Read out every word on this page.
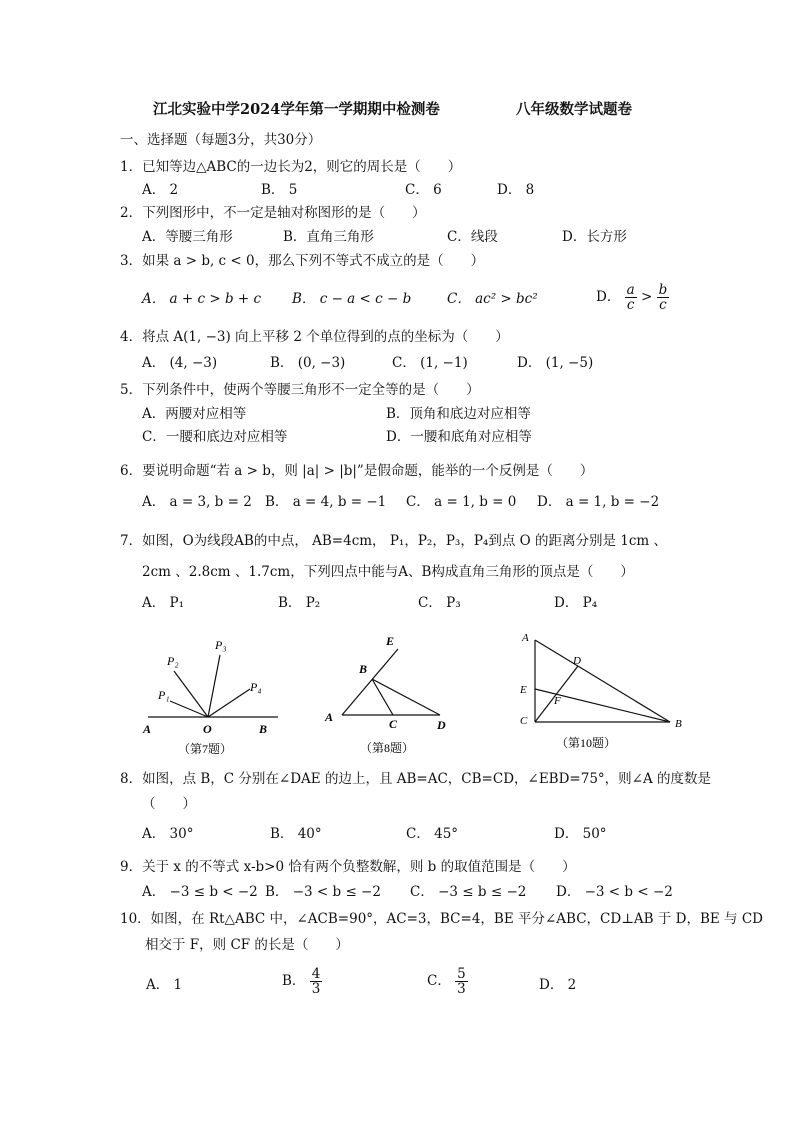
江北实验中学2024学年第一学期期中检测卷	八年级数学试题卷
一、选择题（每题3分，共30分）
1．已知等边△ABC的一边长为2，则它的周长是（　　）
A． 2	B． 5	C． 6	D． 8
2．下列图形中，不一定是轴对称图形的是（　　）
A．等腰三角形	B．直角三角形	C．线段	D．长方形
3．如果 a > b, c < 0，那么下列不等式不成立的是（　　）
A． a + c > b + c B． c − a < c − b	C． ac² > bc²	D． $\frac{a}{c} > \frac{b}{c}$
4．将点 A(1, −3) 向上平移 2 个单位得到的点的坐标为（　　）
A． (4, −3)	B． (0, −3)	C． (1, −1)	D． (1, −5)
5．下列条件中，使两个等腰三角形不一定全等的是（　　）
A．两腰对应相等	B．顶角和底边对应相等
C．一腰和底边对应相等	D．一腰和底角对应相等
6．要说明命题“若 a > b，则 |a| > |b|”是假命题，能举的一个反例是（　　）
A． a = 3, b = 2 B． a = 4, b = −1 C． a = 1, b = 0 D． a = 1, b = −2
7．如图，O为线段AB的中点， AB=4cm， P₁，P₂，P₃，P₄到点 O 的距离分别是 1cm 、
2cm 、2.8cm 、1.7cm，下列四点中能与A、B构成直角三角形的顶点是（　　）
A． P₁	B． P₂	C． P₃	D． P₄
A	O	B
P₁
P₂
P₃
P₄
（第7题）
E
B
A	C	D
（第8题）
A
D
E
F
C	B
（第10题）
8．如图，点 B，C 分别在∠DAE 的边上，且 AB=AC，CB=CD，∠EBD=75°，则∠A 的度数是
（　　）
A． 30°	B． 40°	C． 45°	D． 50°
9．关于 x 的不等式 x-b>0 恰有两个负整数解，则 b 的取值范围是（　　）
A． −3 ≤ b < −2 B． −3 < b ≤ −2 C． −3 ≤ b ≤ −2 D． −3 < b < −2
10．如图，在 Rt△ABC 中，∠ACB=90°，AC=3，BC=4，BE 平分∠ABC，CD⊥AB 于 D，BE 与 CD
相交于 F，则 CF 的长是（　　）
A． 1	B． $\frac{4}{3}$	C． $\frac{5}{3}$	D． 2
